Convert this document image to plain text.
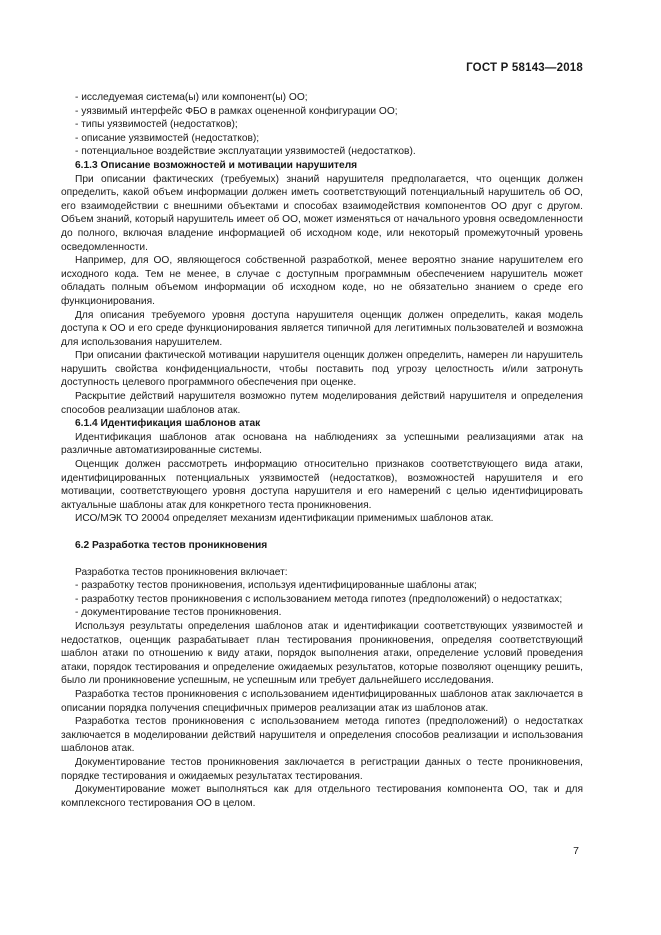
ГОСТ Р 58143—2018

- исследуемая система(ы) или компонент(ы) ОО;

- уязвимый интерфейс ФБО в рамках оцененной конфигурации ОО;

- типы уязвимостей (недостатков);

- описание уязвимостей (недостатков);

- потенциальное воздействие эксплуатации уязвимостей (недостатков).

6.1.3 Описание возможностей и мотивации нарушителя

При описании фактических (требуемых) знаний нарушителя предполагается, что оценщик должен определить, какой объем информации должен иметь соответствующий потенциальный нарушитель об ОО, его взаимодействии с внешними объектами и способах взаимодействия компонентов ОО друг с другом. Объем знаний, который нарушитель имеет об ОО, может изменяться от начального уровня осведомленности до полного, включая владение информацией об исходном коде, или некоторый промежуточный уровень осведомленности.

Например, для ОО, являющегося собственной разработкой, менее вероятно знание нарушителем его исходного кода. Тем не менее, в случае с доступным программным обеспечением нарушитель может обладать полным объемом информации об исходном коде, но не обязательно знанием о среде его функционирования.

Для описания требуемого уровня доступа нарушителя оценщик должен определить, какая модель доступа к ОО и его среде функционирования является типичной для легитимных пользователей и возможна для использования нарушителем.

При описании фактической мотивации нарушителя оценщик должен определить, намерен ли нарушитель нарушить свойства конфиденциальности, чтобы поставить под угрозу целостность и/или затронуть доступность целевого программного обеспечения при оценке.

Раскрытие действий нарушителя возможно путем моделирования действий нарушителя и определения способов реализации шаблонов атак.

6.1.4 Идентификация шаблонов атак

Идентификация шаблонов атак основана на наблюдениях за успешными реализациями атак на различные автоматизированные системы.

Оценщик должен рассмотреть информацию относительно признаков соответствующего вида атаки, идентифицированных потенциальных уязвимостей (недостатков), возможностей нарушителя и его мотивации, соответствующего уровня доступа нарушителя и его намерений с целью идентифицировать актуальные шаблоны атак для конкретного теста проникновения.

ИСО/МЭК ТО 20004 определяет механизм идентификации применимых шаблонов атак.

6.2 Разработка тестов проникновения

Разработка тестов проникновения включает:

- разработку тестов проникновения, используя идентифицированные шаблоны атак;

- разработку тестов проникновения с использованием метода гипотез (предположений) о недостатках;

- документирование тестов проникновения.

Используя результаты определения шаблонов атак и идентификации соответствующих уязвимостей и недостатков, оценщик разрабатывает план тестирования проникновения, определяя соответствующий шаблон атаки по отношению к виду атаки, порядок выполнения атаки, определение условий проведения атаки, порядок тестирования и определение ожидаемых результатов, которые позволяют оценщику решить, было ли проникновение успешным, не успешным или требует дальнейшего исследования.

Разработка тестов проникновения с использованием идентифицированных шаблонов атак заключается в описании порядка получения специфичных примеров реализации атак из шаблонов атак.

Разработка тестов проникновения с использованием метода гипотез (предположений) о недостатках заключается в моделировании действий нарушителя и определения способов реализации и использования шаблонов атак.

Документирование тестов проникновения заключается в регистрации данных о тесте проникновения, порядке тестирования и ожидаемых результатах тестирования.

Документирование может выполняться как для отдельного тестирования компонента ОО, так и для комплексного тестирования ОО в целом.

7
